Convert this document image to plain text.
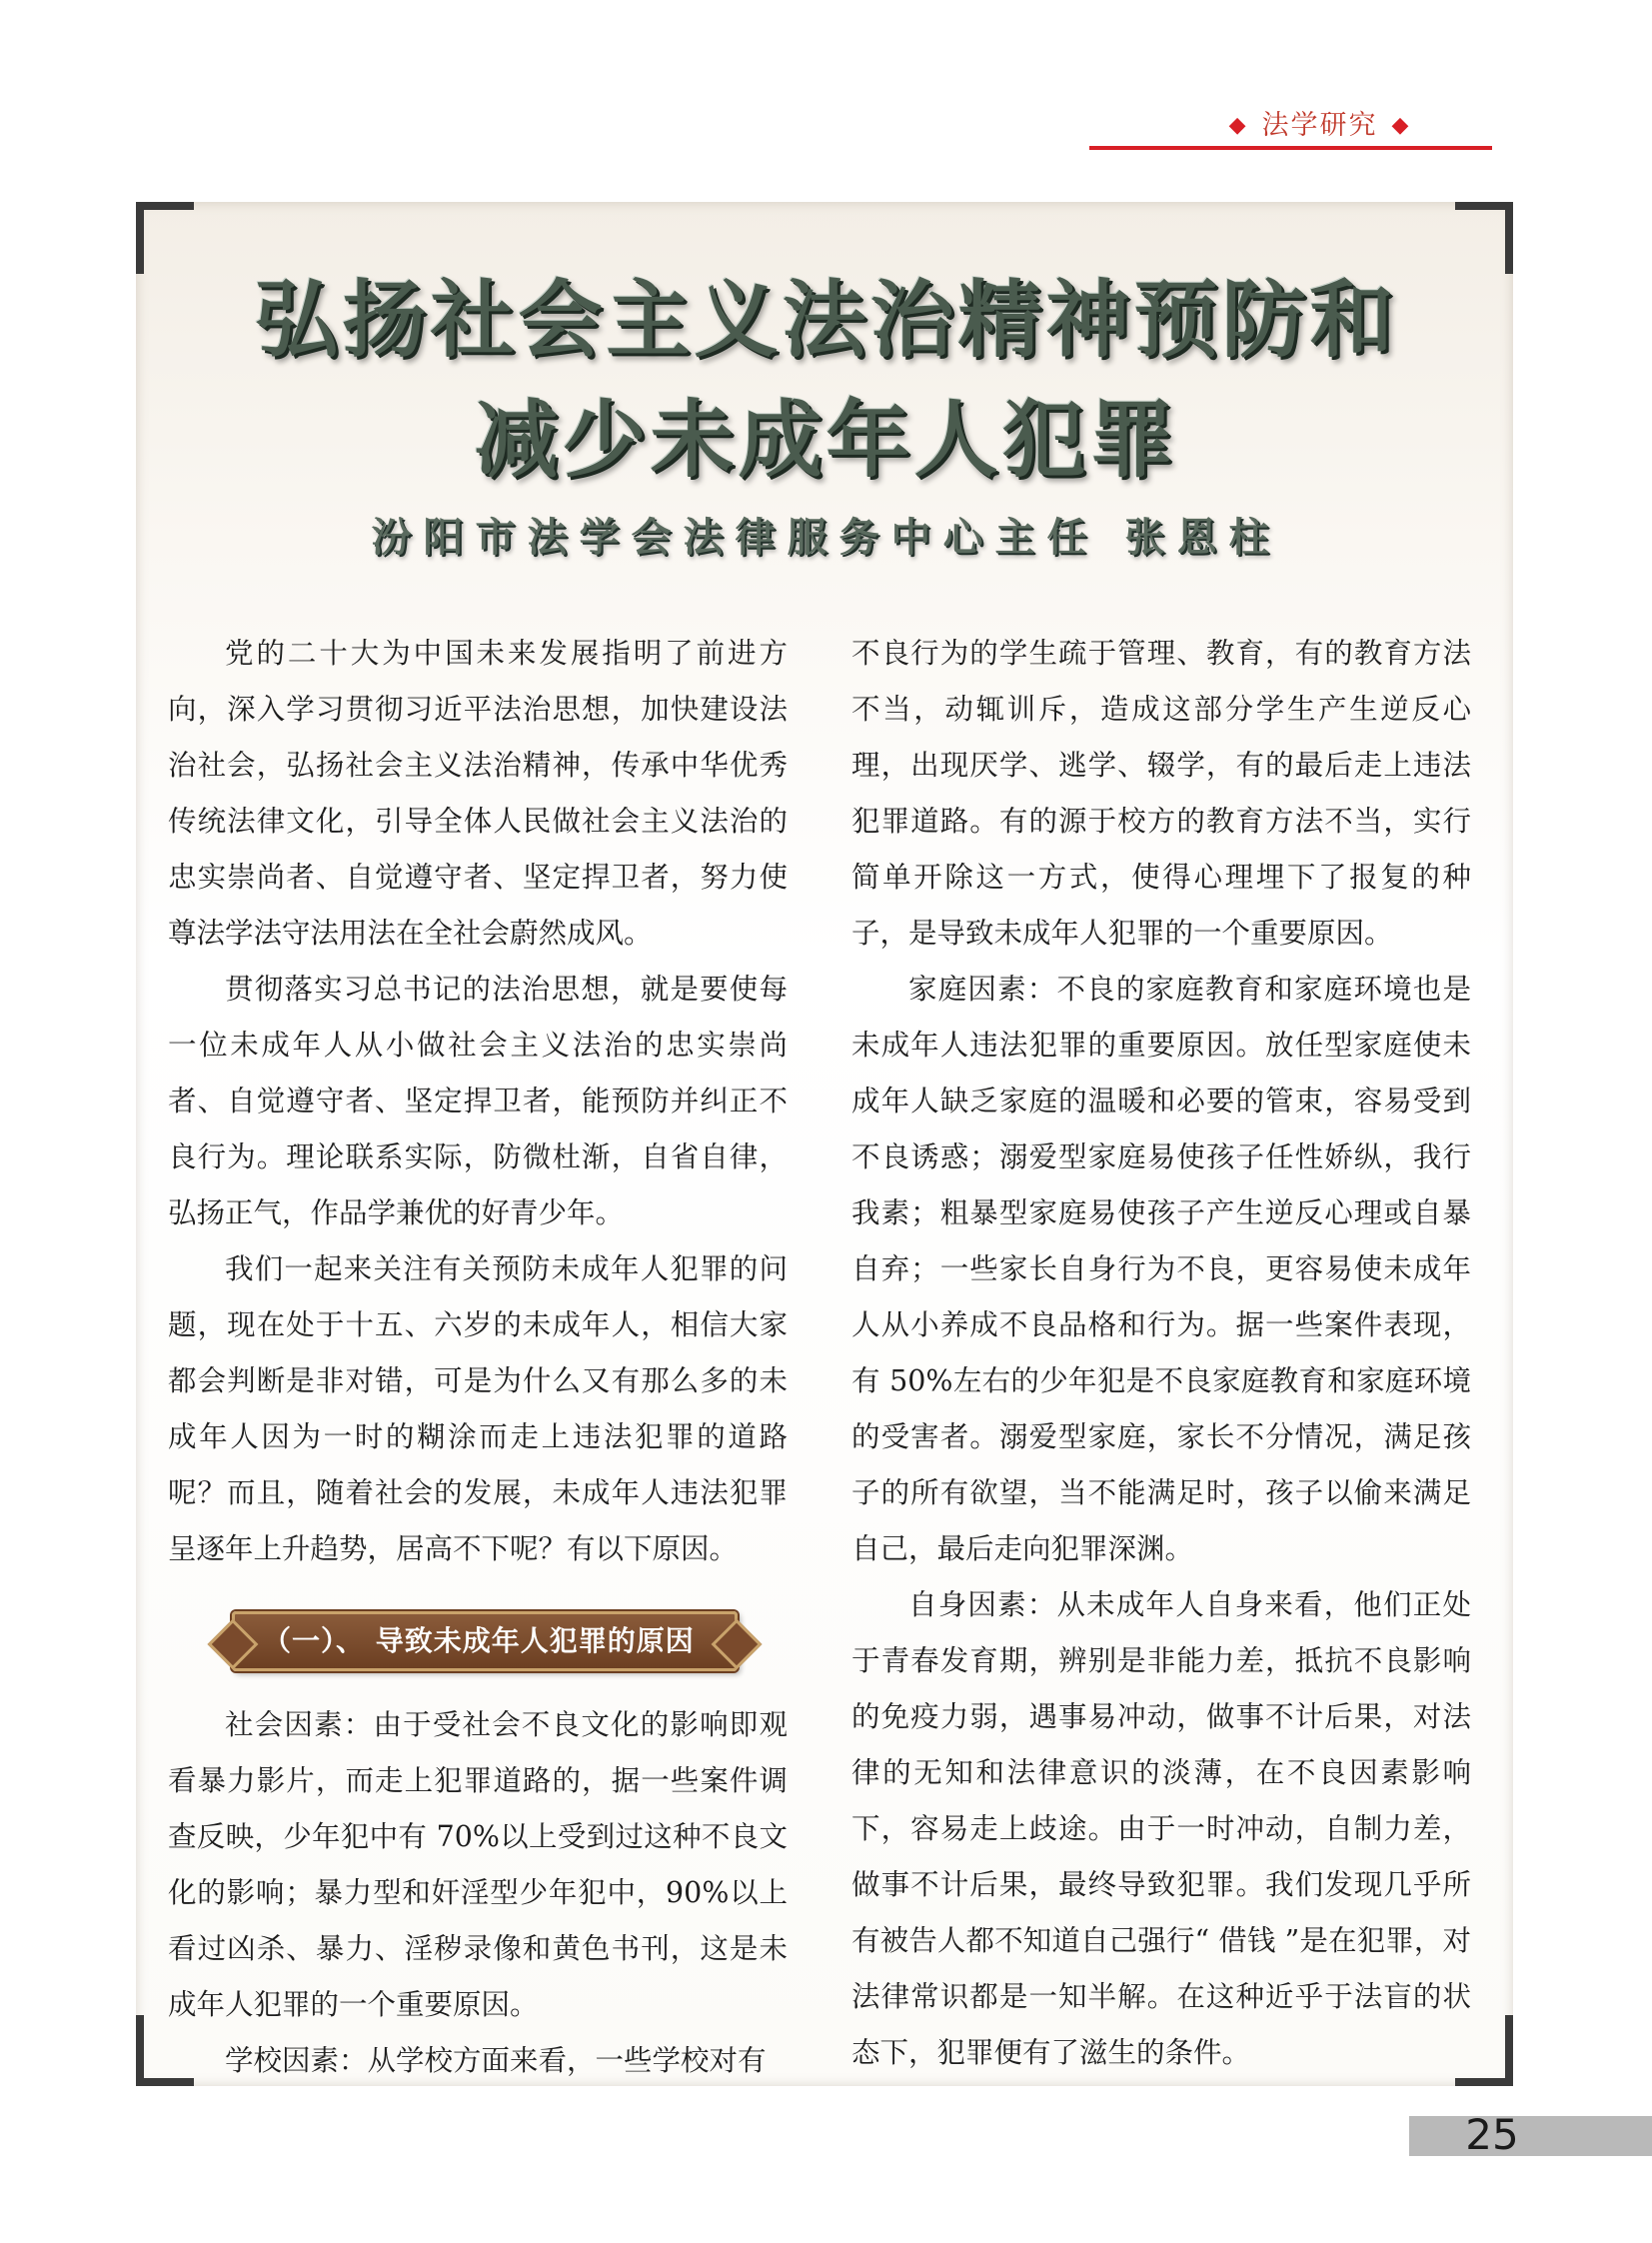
◆ 法学研究 ◆
弘扬社会主义法治精神预防和
减少未成年人犯罪
汾阳市法学会法律服务中心主任 张恩柱

党的二十大为中国未来发展指明了前进方向，深入学习贯彻习近平法治思想，加快建设法治社会，弘扬社会主义法治精神，传承中华优秀传统法律文化，引导全体人民做社会主义法治的忠实崇尚者、自觉遵守者、坚定捍卫者，努力使尊法学法守法用法在全社会蔚然成风。

贯彻落实习总书记的法治思想，就是要使每一位未成年人从小做社会主义法治的忠实崇尚者、自觉遵守者、坚定捍卫者，能预防并纠正不良行为。理论联系实际，防微杜渐，自省自律，弘扬正气，作品学兼优的好青少年。

我们一起来关注有关预防未成年人犯罪的问题，现在处于十五、六岁的未成年人，相信大家都会判断是非对错，可是为什么又有那么多的未成年人因为一时的糊涂而走上违法犯罪的道路呢？而且，随着社会的发展，未成年人违法犯罪呈逐年上升趋势，居高不下呢？有以下原因。

（一）、 导致未成年人犯罪的原因

社会因素：由于受社会不良文化的影响即观看暴力影片，而走上犯罪道路的，据一些案件调查反映，少年犯中有 70%以上受到过这种不良文化的影响；暴力型和奸淫型少年犯中，90%以上看过凶杀、暴力、淫秽录像和黄色书刊，这是未成年人犯罪的一个重要原因。

学校因素：从学校方面来看，一些学校对有

不良行为的学生疏于管理、教育，有的教育方法不当，动辄训斥，造成这部分学生产生逆反心理，出现厌学、逃学、辍学，有的最后走上违法犯罪道路。有的源于校方的教育方法不当，实行简单开除这一方式，使得心理埋下了报复的种子，是导致未成年人犯罪的一个重要原因。

家庭因素：不良的家庭教育和家庭环境也是未成年人违法犯罪的重要原因。放任型家庭使未成年人缺乏家庭的温暖和必要的管束，容易受到不良诱惑；溺爱型家庭易使孩子任性娇纵，我行我素；粗暴型家庭易使孩子产生逆反心理或自暴自弃；一些家长自身行为不良，更容易使未成年人从小养成不良品格和行为。据一些案件表现，有 50%左右的少年犯是不良家庭教育和家庭环境的受害者。溺爱型家庭，家长不分情况，满足孩子的所有欲望，当不能满足时，孩子以偷来满足自己，最后走向犯罪深渊。

自身因素：从未成年人自身来看，他们正处于青春发育期，辨别是非能力差，抵抗不良影响的免疫力弱，遇事易冲动，做事不计后果，对法律的无知和法律意识的淡薄，在不良因素影响下，容易走上歧途。由于一时冲动，自制力差，做事不计后果，最终导致犯罪。我们发现几乎所有被告人都不知道自己强行“ 借钱 ”是在犯罪，对法律常识都是一知半解。在这种近乎于法盲的状态下，犯罪便有了滋生的条件。

25
